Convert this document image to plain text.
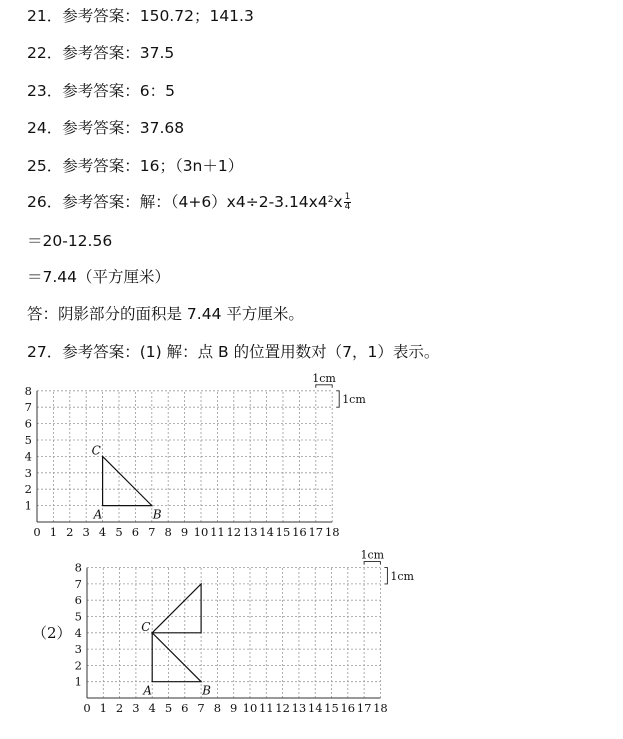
21．参考答案：150.72；141.3
22．参考答案：37.5
23．参考答案：6：5
24．参考答案：37.68
25．参考答案：16；（3n＋1）
26．参考答案：解：$(4+6)x4\div 2-3.14x4^2x \frac{1}{4}$
＝20-12.56
＝7.44（平方厘米）
答：阴影部分的面积是 7.44 平方厘米。
27．参考答案：(1) 解：点 B 的位置用数对（7，1）表示。
0 1 2 3 4 5 6 7 8 9 10 11 12 13 14 15 16 17 18
1
2
3
4
5
6
7
8
1cm
1cm
A	B
C
0 1 2 3 4 5 6 7 8 9 10 11 12 13 14 15 16 17 18
1
2
3
4
5
6
7
8
1cm
1cm
A	B
C
（2）
